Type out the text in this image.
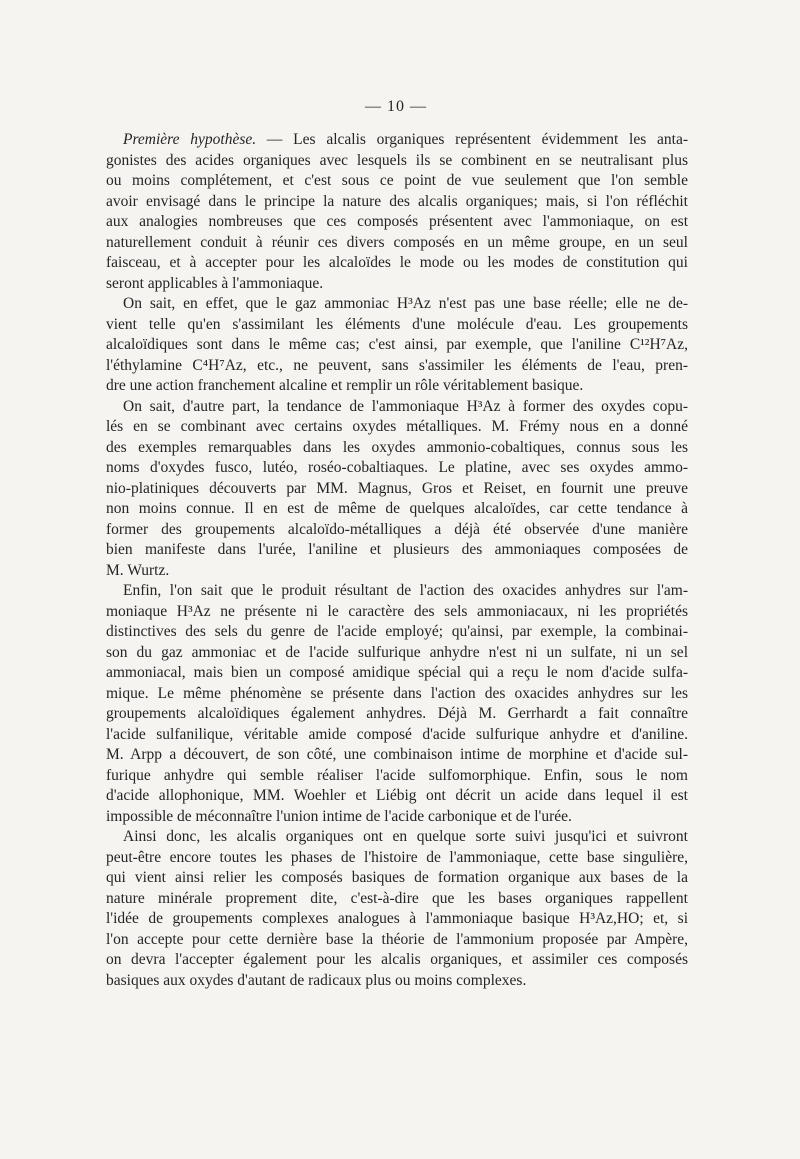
— 10 —
Première hypothèse. — Les alcalis organiques représentent évidemment les anta-
gonistes des acides organiques avec lesquels ils se combinent en se neutralisant plus
ou moins complétement, et c'est sous ce point de vue seulement que l'on semble
avoir envisagé dans le principe la nature des alcalis organiques; mais, si l'on réfléchit
aux analogies nombreuses que ces composés présentent avec l'ammoniaque, on est
naturellement conduit à réunir ces divers composés en un même groupe, en un seul
faisceau, et à accepter pour les alcaloïdes le mode ou les modes de constitution qui
seront applicables à l'ammoniaque.
On sait, en effet, que le gaz ammoniac H³Az n'est pas une base réelle; elle ne de-
vient telle qu'en s'assimilant les éléments d'une molécule d'eau. Les groupements
alcaloïdiques sont dans le même cas; c'est ainsi, par exemple, que l'aniline C¹²H⁷Az,
l'éthylamine C⁴H⁷Az, etc., ne peuvent, sans s'assimiler les éléments de l'eau, pren-
dre une action franchement alcaline et remplir un rôle véritablement basique.
On sait, d'autre part, la tendance de l'ammoniaque H³Az à former des oxydes copu-
lés en se combinant avec certains oxydes métalliques. M. Frémy nous en a donné
des exemples remarquables dans les oxydes ammonio-cobaltiques, connus sous les
noms d'oxydes fusco, lutéo, roséo-cobaltiaques. Le platine, avec ses oxydes ammo-
nio-platiniques découverts par MM. Magnus, Gros et Reiset, en fournit une preuve
non moins connue. Il en est de même de quelques alcaloïdes, car cette tendance à
former des groupements alcaloïdo-métalliques a déjà été observée d'une manière
bien manifeste dans l'urée, l'aniline et plusieurs des ammoniaques composées de
M. Wurtz.
Enfin, l'on sait que le produit résultant de l'action des oxacides anhydres sur l'am-
moniaque H³Az ne présente ni le caractère des sels ammoniacaux, ni les propriétés
distinctives des sels du genre de l'acide employé; qu'ainsi, par exemple, la combinai-
son du gaz ammoniac et de l'acide sulfurique anhydre n'est ni un sulfate, ni un sel
ammoniacal, mais bien un composé amidique spécial qui a reçu le nom d'acide sulfa-
mique. Le même phénomène se présente dans l'action des oxacides anhydres sur les
groupements alcaloïdiques également anhydres. Déjà M. Gerrhardt a fait connaître
l'acide sulfanilique, véritable amide composé d'acide sulfurique anhydre et d'aniline.
M. Arpp a découvert, de son côté, une combinaison intime de morphine et d'acide sul-
furique anhydre qui semble réaliser l'acide sulfomorphique. Enfin, sous le nom
d'acide allophonique, MM. Woehler et Liébig ont décrit un acide dans lequel il est
impossible de méconnaître l'union intime de l'acide carbonique et de l'urée.
Ainsi donc, les alcalis organiques ont en quelque sorte suivi jusqu'ici et suivront
peut-être encore toutes les phases de l'histoire de l'ammoniaque, cette base singulière,
qui vient ainsi relier les composés basiques de formation organique aux bases de la
nature minérale proprement dite, c'est-à-dire que les bases organiques rappellent
l'idée de groupements complexes analogues à l'ammoniaque basique H³Az,HO; et, si
l'on accepte pour cette dernière base la théorie de l'ammonium proposée par Ampère,
on devra l'accepter également pour les alcalis organiques, et assimiler ces composés
basiques aux oxydes d'autant de radicaux plus ou moins complexes.
